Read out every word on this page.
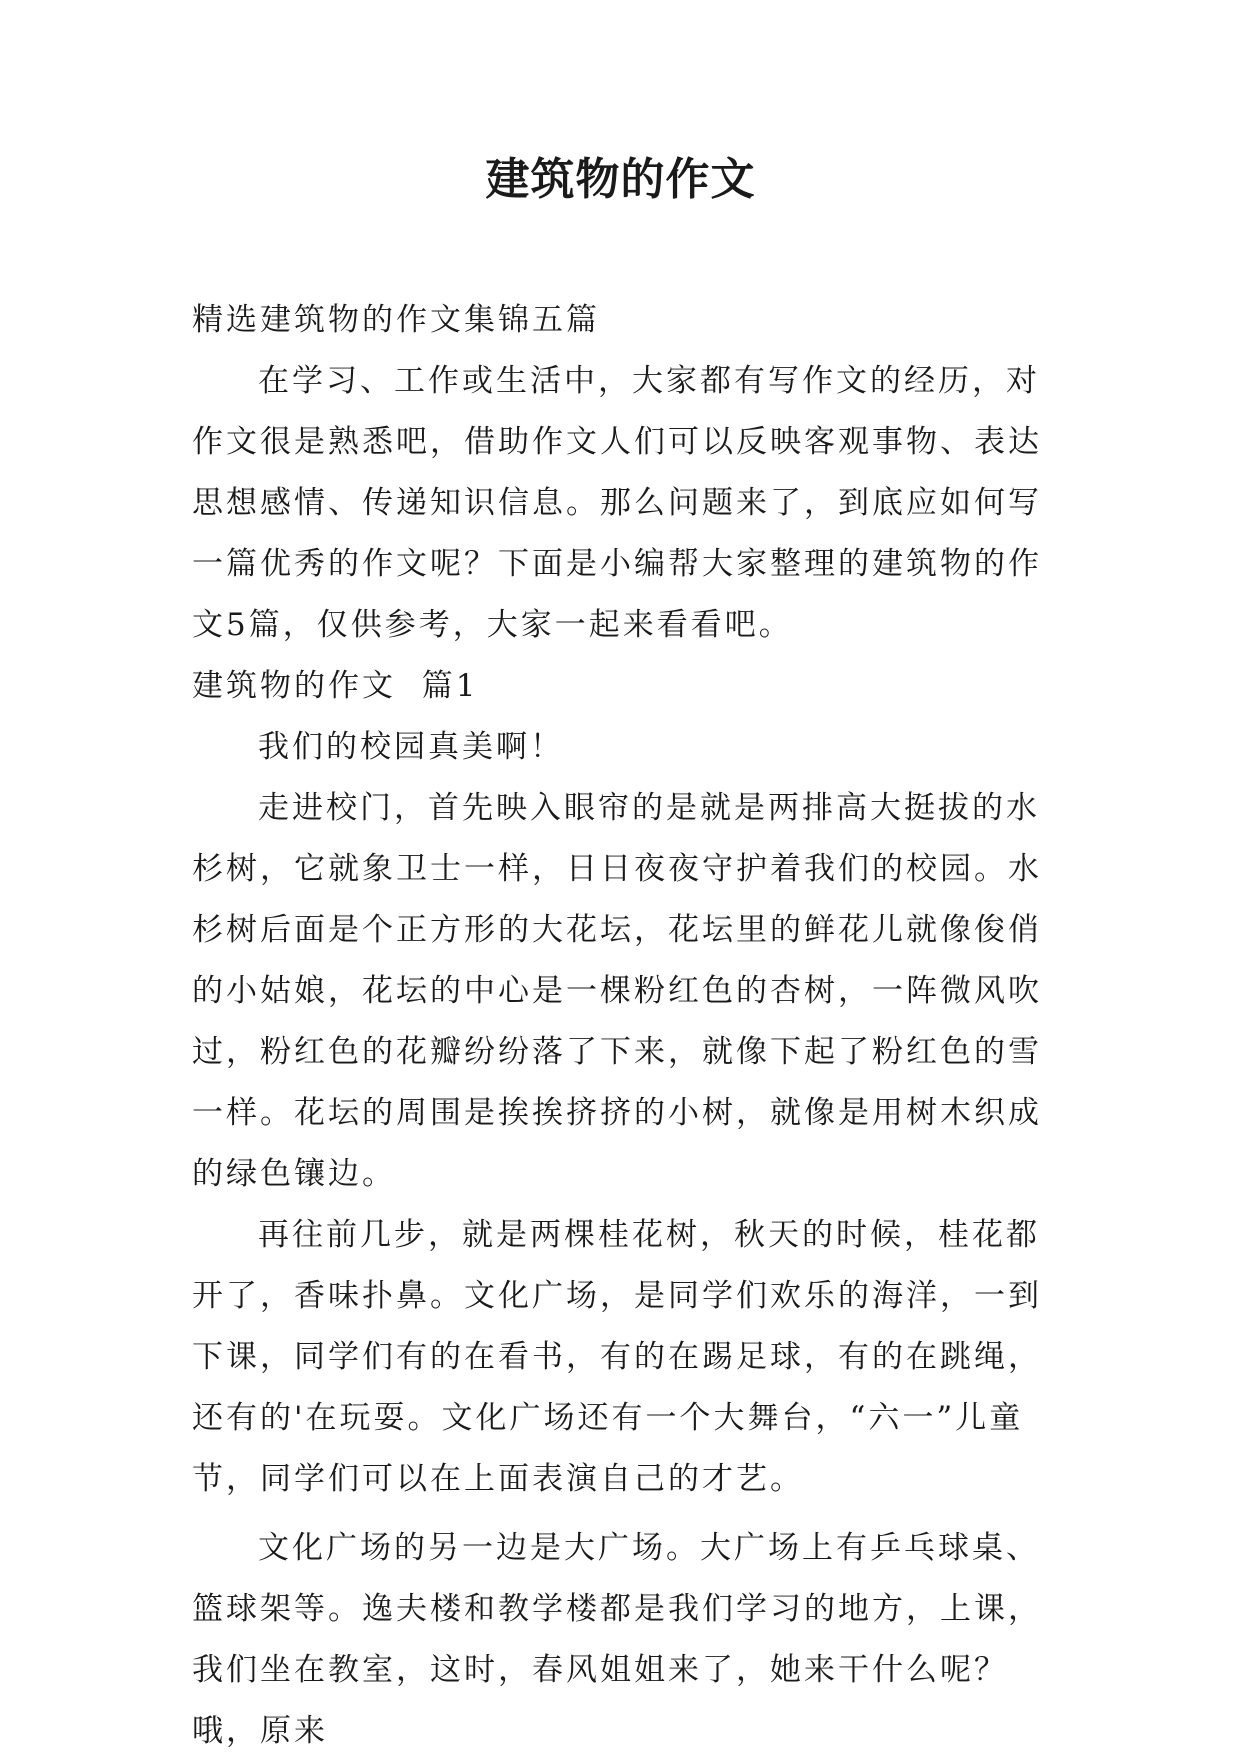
建筑物的作文

精选建筑物的作文集锦五篇

在学习、工作或生活中，大家都有写作文的经历，对作文很是熟悉吧，借助作文人们可以反映客观事物、表达思想感情、传递知识信息。那么问题来了，到底应如何写一篇优秀的作文呢？下面是小编帮大家整理的建筑物的作文5篇，仅供参考，大家一起来看看吧。

建筑物的作文  篇1

我们的校园真美啊！

走进校门，首先映入眼帘的是就是两排高大挺拔的水杉树，它就象卫士一样，日日夜夜守护着我们的校园。水杉树后面是个正方形的大花坛，花坛里的鲜花儿就像俊俏的小姑娘，花坛的中心是一棵粉红色的杏树，一阵微风吹过，粉红色的花瓣纷纷落了下来，就像下起了粉红色的雪一样。花坛的周围是挨挨挤挤的小树，就像是用树木织成的绿色镶边。

再往前几步，就是两棵桂花树，秋天的时候，桂花都开了，香味扑鼻。文化广场，是同学们欢乐的海洋，一到下课，同学们有的在看书，有的在踢足球，有的在跳绳，还有的'在玩耍。文化广场还有一个大舞台，“六一”儿童节，同学们可以在上面表演自己的才艺。

文化广场的另一边是大广场。大广场上有乒乓球桌、篮球架等。逸夫楼和教学楼都是我们学习的地方，上课，我们坐在教室，这时，春风姐姐来了，她来干什么呢？哦，原来
